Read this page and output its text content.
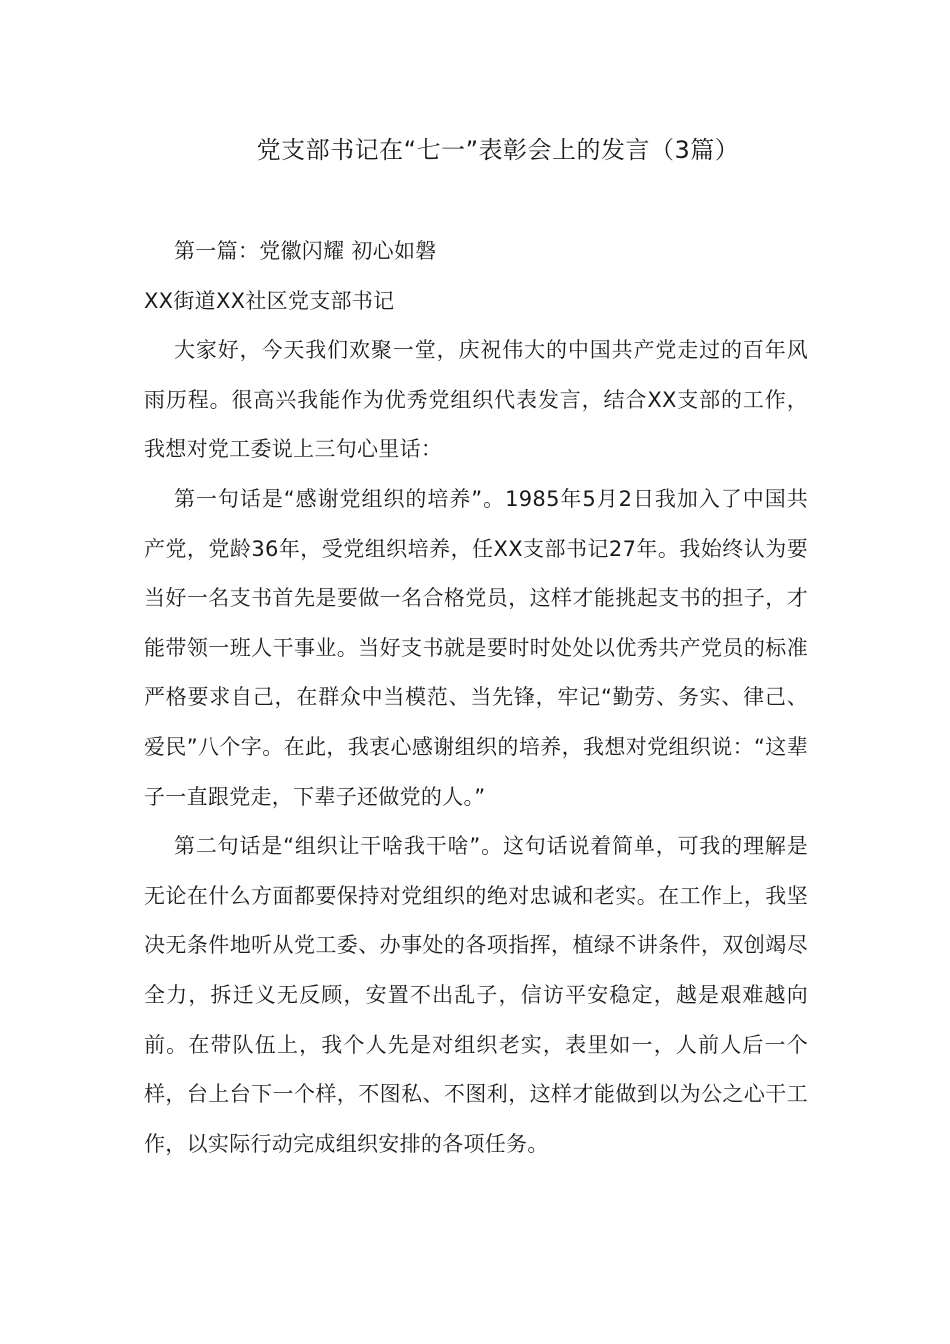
党支部书记在“七一”表彰会上的发言（3篇）

第一篇：党徽闪耀 初心如磐

XX街道XX社区党支部书记

大家好，今天我们欢聚一堂，庆祝伟大的中国共产党走过的百年风雨历程。很高兴我能作为优秀党组织代表发言，结合XX支部的工作，我想对党工委说上三句心里话：

第一句话是“感谢党组织的培养”。1985年5月2日我加入了中国共产党，党龄36年，受党组织培养，任XX支部书记27年。我始终认为要当好一名支书首先是要做一名合格党员，这样才能挑起支书的担子，才能带领一班人干事业。当好支书就是要时时处处以优秀共产党员的标准严格要求自己，在群众中当模范、当先锋，牢记“勤劳、务实、律己、爱民”八个字。在此，我衷心感谢组织的培养，我想对党组织说：“这辈子一直跟党走，下辈子还做党的人。”

第二句话是“组织让干啥我干啥”。这句话说着简单，可我的理解是无论在什么方面都要保持对党组织的绝对忠诚和老实。在工作上，我坚决无条件地听从党工委、办事处的各项指挥，植绿不讲条件，双创竭尽全力，拆迁义无反顾，安置不出乱子，信访平安稳定，越是艰难越向前。在带队伍上，我个人先是对组织老实，表里如一，人前人后一个样，台上台下一个样，不图私、不图利，这样才能做到以为公之心干工作，以实际行动完成组织安排的各项任务。
